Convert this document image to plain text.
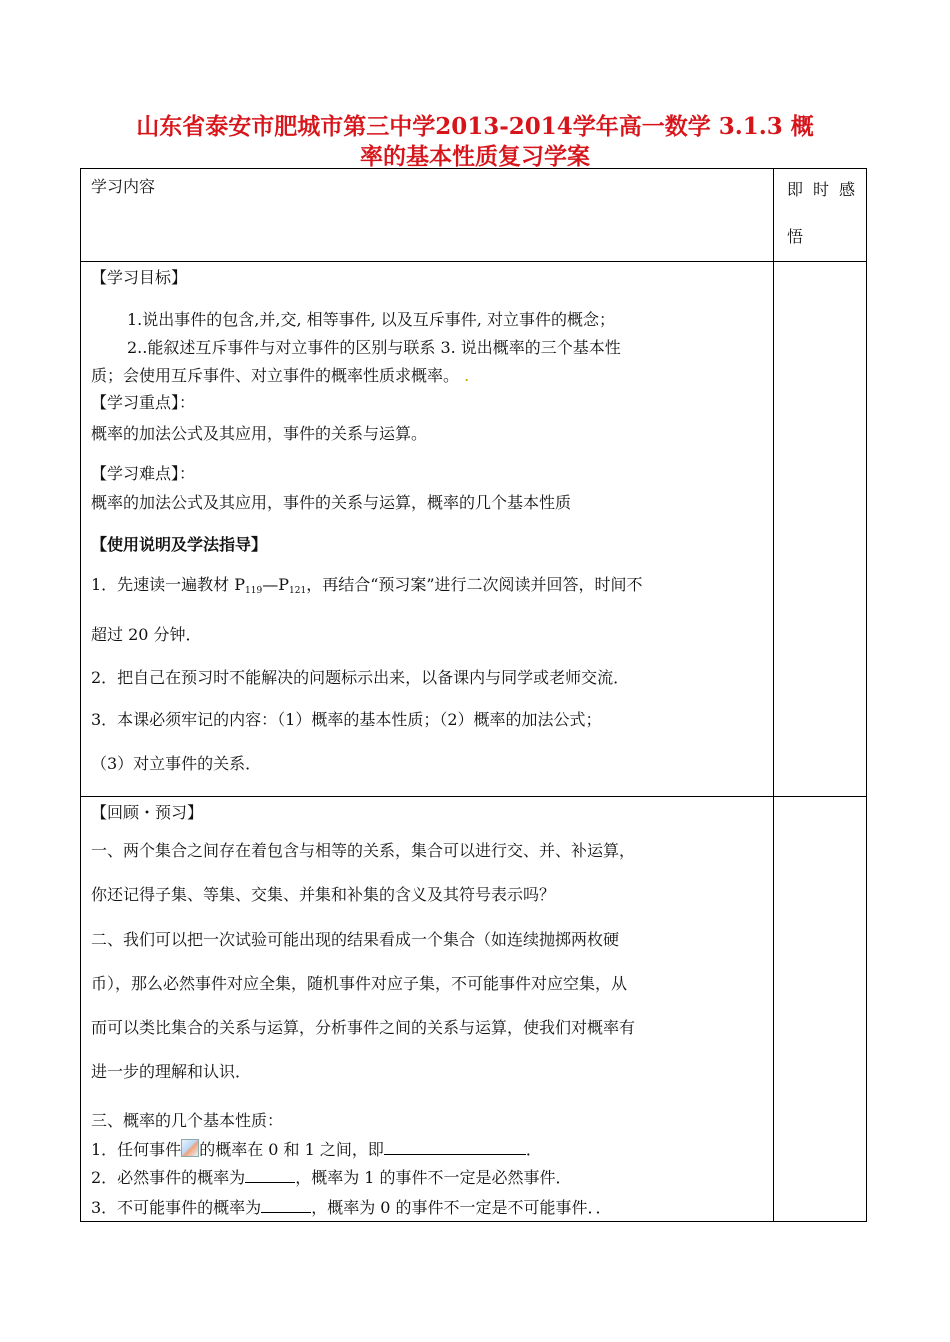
山东省泰安市肥城市第三中学2013-2014学年高一数学 3.1.3 概
率的基本性质复习学案
学习内容	即时感
悟
【学习目标】
1.说出事件的包含,并,交, 相等事件, 以及互斥事件, 对立事件的概念；
2..能叙述互斥事件与对立事件的区别与联系 3. 说出概率的三个基本性
质；会使用互斥事件、对立事件的概率性质求概率。 .
【学习重点】：
概率的加法公式及其应用，事件的关系与运算。
【学习难点】：
概率的加法公式及其应用，事件的关系与运算，概率的几个基本性质
【使用说明及学法指导】
1．先速读一遍教材 $P_{119}—P_{121}$，再结合“预习案”进行二次阅读并回答，时间不
超过 20 分钟．
2．把自己在预习时不能解决的问题标示出来，以备课内与同学或老师交流．
3．本课必须牢记的内容：（1）概率的基本性质；（2）概率的加法公式；
（3）对立事件的关系．
【回顾・预习】
一、两个集合之间存在着包含与相等的关系，集合可以进行交、并、补运算，
你还记得子集、等集、交集、并集和补集的含义及其符号表示吗？
二、我们可以把一次试验可能出现的结果看成一个集合（如连续抛掷两枚硬
币），那么必然事件对应全集，随机事件对应子集，不可能事件对应空集，从
而可以类比集合的关系与运算，分析事件之间的关系与运算，使我们对概率有
进一步的理解和认识．
三、概率的几个基本性质：
1．任何事件 的概率在 0 和 1 之间，即	．
2．必然事件的概率为	，概率为 1 的事件不一定是必然事件．
3．不可能事件的概率为	，概率为 0 的事件不一定是不可能事件．．
